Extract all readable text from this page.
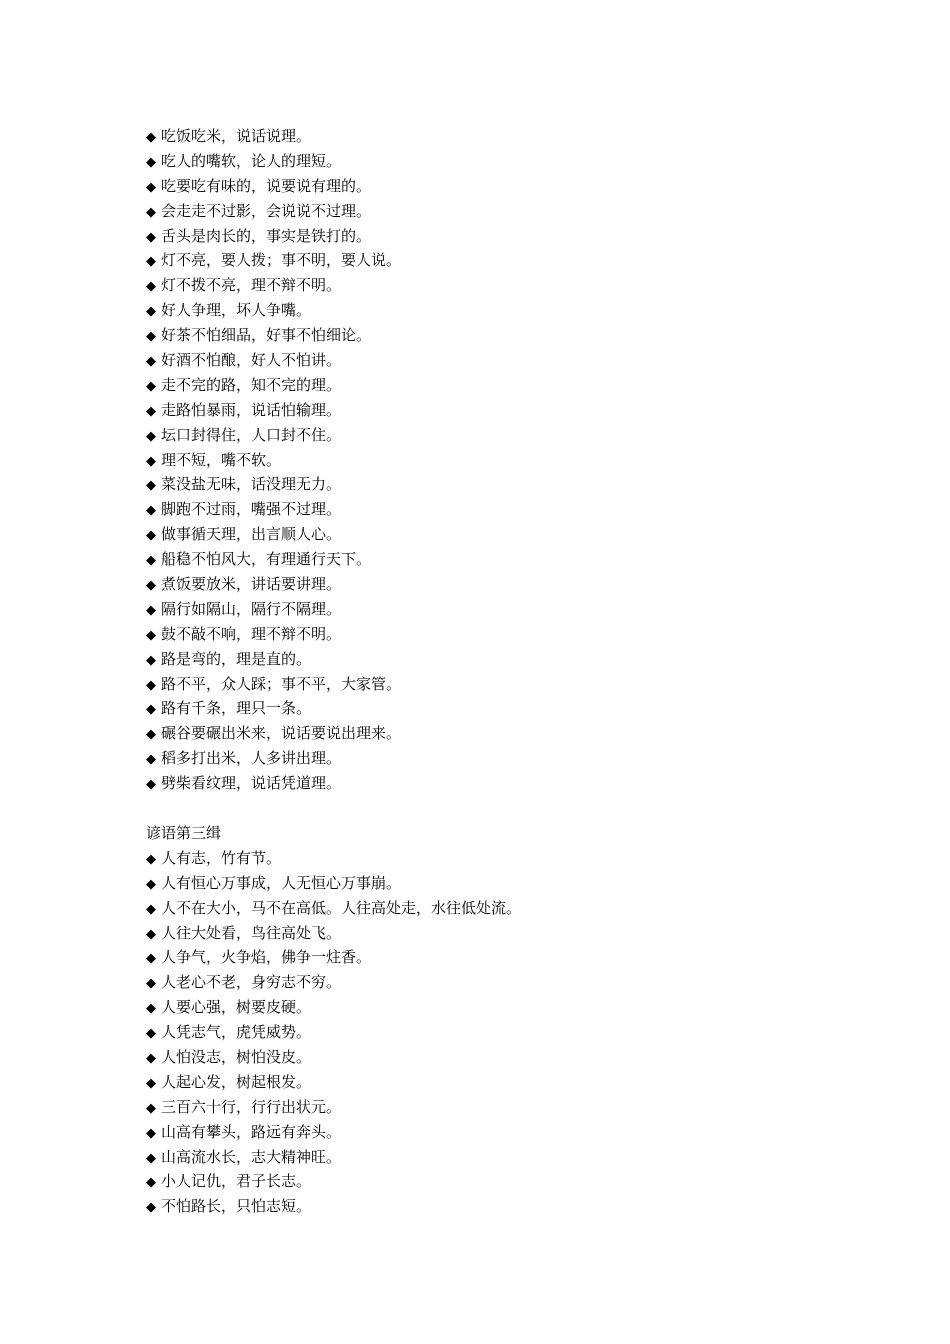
◆ 吃饭吃米，说话说理。
◆ 吃人的嘴软，论人的理短。
◆ 吃要吃有味的，说要说有理的。
◆ 会走走不过影，会说说不过理。
◆ 舌头是肉长的，事实是铁打的。
◆ 灯不亮，要人拨；事不明，要人说。
◆ 灯不拨不亮，理不辩不明。
◆ 好人争理，坏人争嘴。
◆ 好茶不怕细品，好事不怕细论。
◆ 好酒不怕酿，好人不怕讲。
◆ 走不完的路，知不完的理。
◆ 走路怕暴雨，说话怕输理。
◆ 坛口封得住，人口封不住。
◆ 理不短，嘴不软。
◆ 菜没盐无味，话没理无力。
◆ 脚跑不过雨，嘴强不过理。
◆ 做事循天理，出言顺人心。
◆ 船稳不怕风大，有理通行天下。
◆ 煮饭要放米，讲话要讲理。
◆ 隔行如隔山，隔行不隔理。
◆ 鼓不敲不响，理不辩不明。
◆ 路是弯的，理是直的。
◆ 路不平，众人踩；事不平，大家管。
◆ 路有千条，理只一条。
◆ 碾谷要碾出米来，说话要说出理来。
◆ 稻多打出米，人多讲出理。
◆ 劈柴看纹理，说话凭道理。
谚语第三缉
◆ 人有志，竹有节。
◆ 人有恒心万事成，人无恒心万事崩。
◆ 人不在大小，马不在高低。人往高处走，水往低处流。
◆ 人往大处看，鸟往高处飞。
◆ 人争气，火争焰，佛争一炷香。
◆ 人老心不老，身穷志不穷。
◆ 人要心强，树要皮硬。
◆ 人凭志气，虎凭威势。
◆ 人怕没志，树怕没皮。
◆ 人起心发，树起根发。
◆ 三百六十行，行行出状元。
◆ 山高有攀头，路远有奔头。
◆ 山高流水长，志大精神旺。
◆ 小人记仇，君子长志。
◆ 不怕路长，只怕志短。
